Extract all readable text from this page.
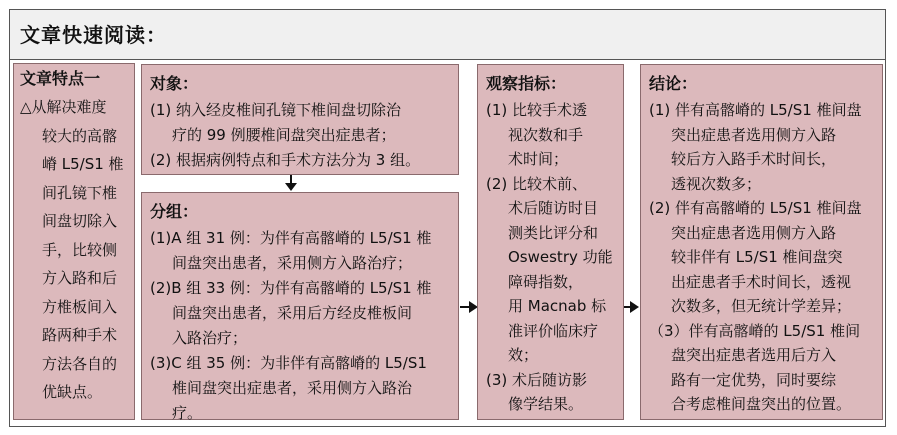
文章快速阅读：
文章特点一
△从解决难度
较大的高髂
嵴 L5/S1 椎
间孔镜下椎
间盘切除入
手，比较侧
方入路和后
方椎板间入
路两种手术
方法各自的
优缺点。
对象：
(1) 纳入经皮椎间孔镜下椎间盘切除治
疗的 99 例腰椎间盘突出症患者；
(2) 根据病例特点和手术方法分为 3 组。
分组：
(1)A 组 31 例：为伴有高髂嵴的 L5/S1 椎
间盘突出患者，采用侧方入路治疗；
(2)B 组 33 例：为伴有高髂嵴的 L5/S1 椎
间盘突出患者，采用后方经皮椎板间
入路治疗；
(3)C 组 35 例：为非伴有高髂嵴的 L5/S1
椎间盘突出症患者，采用侧方入路治
疗。
观察指标：
(1) 比较手术透
视次数和手
术时间；
(2) 比较术前、
术后随访时目
测类比评分和
Oswestry 功能
障碍指数，
用 Macnab 标
准评价临床疗
效；
(3) 术后随访影
像学结果。
结论：
(1) 伴有高髂嵴的 L5/S1 椎间盘
突出症患者选用侧方入路
较后方入路手术时间长，
透视次数多；
(2) 伴有高髂嵴的 L5/S1 椎间盘
突出症患者选用侧方入路
较非伴有 L5/S1 椎间盘突
出症患者手术时间长，透视
次数多，但无统计学差异；
（3）伴有高髂嵴的 L5/S1 椎间
盘突出症患者选用后方入
路有一定优势，同时要综
合考虑椎间盘突出的位置。
